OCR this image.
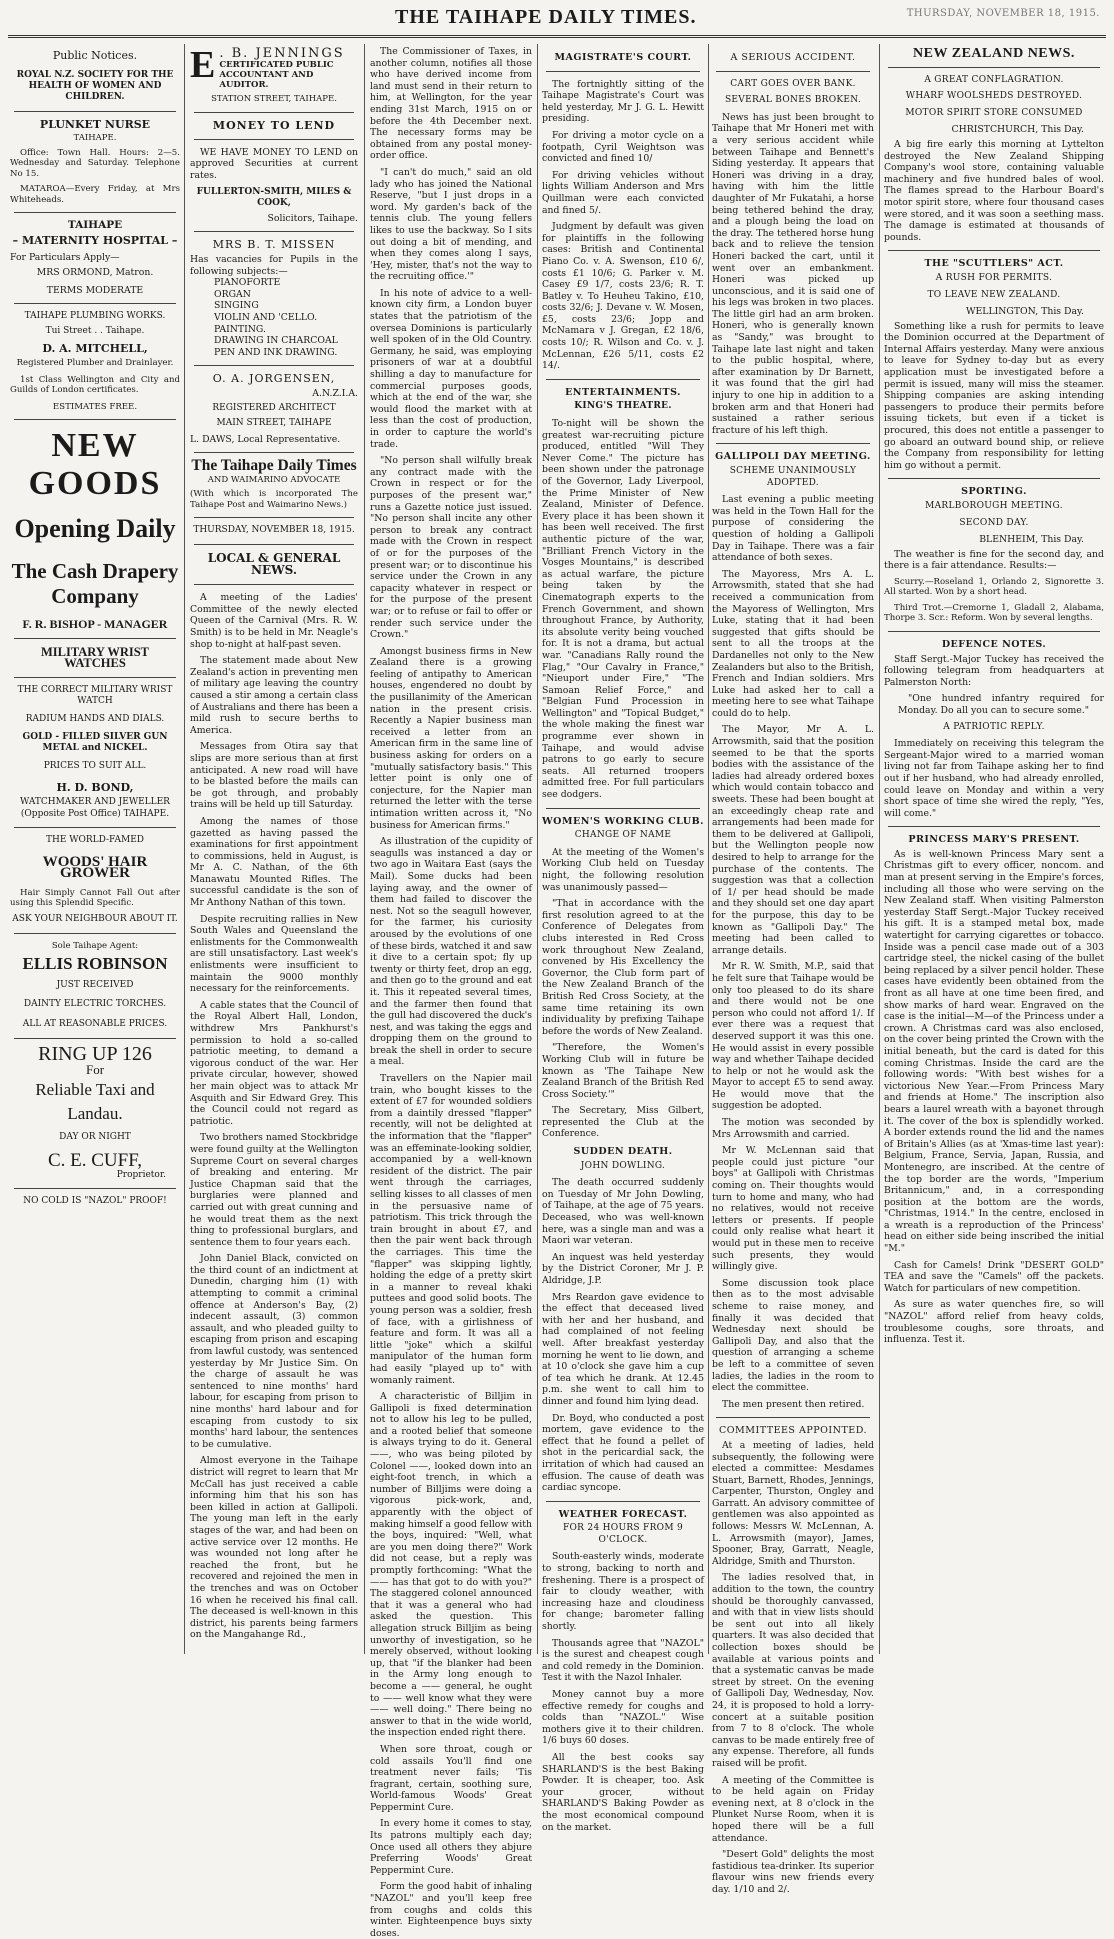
THE TAIHAPE DAILY TIMES.	THURSDAY, NOVEMBER 18, 1915.
Public Notices.
ROYAL N.Z. SOCIETY FOR THE HEALTH OF WOMEN AND CHILDREN.
PLUNKET NURSE
TAIHAPE.

Office: Town Hall. Hours: 2—5. Wednesday and Saturday. Telephone No 15.

MATAROA—Every Friday, at Mrs Whiteheads.

TAIHAPE
– MATERNITY HOSPITAL –

For Particulars Apply—

MRS ORMOND, Matron.
TERMS MODERATE
TAIHAPE PLUMBING WORKS.
Tui Street . . Taihape.
D. A. MITCHELL,
Registered Plumber and Drainlayer.

1st Class Wellington and City and Guilds of London certificates.

ESTIMATES FREE.
NEW
GOODS
Opening Daily
The Cash Drapery Company
F. R. BISHOP - MANAGER
MILITARY WRIST WATCHES
THE CORRECT MILITARY WRIST WATCH
RADIUM HANDS AND DIALS.
GOLD - FILLED SILVER GUN METAL and NICKEL.
PRICES TO SUIT ALL.
H. D. BOND,
WATCHMAKER AND JEWELLER (Opposite Post Office) TAIHAPE.
THE WORLD-FAMED
WOODS' HAIR GROWER

Hair Simply Cannot Fall Out after using this Splendid Specific.

ASK YOUR NEIGHBOUR ABOUT IT.
Sole Taihape Agent:
ELLIS ROBINSON
JUST RECEIVED
DAINTY ELECTRIC TORCHES.
ALL AT REASONABLE PRICES.
RING UP 126
For
Reliable Taxi and Landau.
DAY OR NIGHT
C. E. CUFF,
Proprietor.
NO COLD IS "NAZOL" PROOF!
E . B. JENNINGS
CERTIFICATED PUBLIC ACCOUNTANT AND AUDITOR.
STATION STREET, TAIHAPE.
MONEY TO LEND

WE HAVE MONEY TO LEND on approved Securities at current rates.

FULLERTON-SMITH, MILES & COOK,
Solicitors, Taihape.
MRS B. T. MISSEN

Has vacancies for Pupils in the following subjects:—

PIANOFORTE
ORGAN
SINGING
VIOLIN AND 'CELLO.
PAINTING.
DRAWING IN CHARCOAL
PEN AND INK DRAWING.
O. A. JORGENSEN,
A.N.Z.I.A.
REGISTERED ARCHITECT
MAIN STREET, TAIHAPE

L. DAWS, Local Representative.

The Taihape Daily Times
AND WAIMARINO ADVOCATE

(With which is incorporated The Taihape Post and Waimarino News.)

THURSDAY, NOVEMBER 18, 1915.
LOCAL & GENERAL NEWS.

A meeting of the Ladies' Committee of the newly elected Queen of the Carnival (Mrs. R. W. Smith) is to be held in Mr. Neagle's shop to-night at half-past seven.

The statement made about New Zealand's action in preventing men of military age leaving the country caused a stir among a certain class of Australians and there has been a mild rush to secure berths to America.

Messages from Otira say that slips are more serious than at first anticipated. A new road will have to be blasted before the mails can be got through, and probably trains will be held up till Saturday.

Among the names of those gazetted as having passed the examinations for first appointment to commissions, held in August, is Mr A. C. Nathan, of the 6th Manawatu Mounted Rifles. The successful candidate is the son of Mr Anthony Nathan of this town.

Despite recruiting rallies in New South Wales and Queensland the enlistments for the Commonwealth are still unsatisfactory. Last week's enlistments were insufficient to maintain the 9000 monthly necessary for the reinforcements.

A cable states that the Council of the Royal Albert Hall, London, withdrew Mrs Pankhurst's permission to hold a so-called patriotic meeting, to demand a vigorous conduct of the war. Her private circular, however, showed her main object was to attack Mr Asquith and Sir Edward Grey. This the Council could not regard as patriotic.

Two brothers named Stockbridge were found guilty at the Wellington Supreme Court on several charges of breaking and entering. Mr Justice Chapman said that the burglaries were planned and carried out with great cunning and he would treat them as the next thing to professional burglars, and sentence them to four years each.

John Daniel Black, convicted on the third count of an indictment at Dunedin, charging him (1) with attempting to commit a criminal offence at Anderson's Bay, (2) indecent assault, (3) common assault, and who pleaded guilty to escaping from prison and escaping from lawful custody, was sentenced yesterday by Mr Justice Sim. On the charge of assault he was sentenced to nine months' hard labour, for escaping from prison to nine months' hard labour and for escaping from custody to six months' hard labour, the sentences to be cumulative.

Almost everyone in the Taihape district will regret to learn that Mr McCall has just received a cable informing him that his son has been killed in action at Gallipoli. The young man left in the early stages of the war, and had been on active service over 12 months. He was wounded not long after he reached the front, but he recovered and rejoined the men in the trenches and was on October 16 when he received his final call. The deceased is well-known in this district, his parents being farmers on the Mangahange Rd.,

The Commissioner of Taxes, in another column, notifies all those who have derived income from land must send in their return to him, at Wellington, for the year ending 31st March, 1915 on or before the 4th December next. The necessary forms may be obtained from any postal money-order office.

"I can't do much," said an old lady who has joined the National Reserve, "but I just drops in a word. My garden's back of the tennis club. The young fellers likes to use the backway. So I sits out doing a bit of mending, and when they comes along I says, 'Hey, mister, that's not the way to the recruiting office.'"

In his note of advice to a well-known city firm, a London buyer states that the patriotism of the oversea Dominions is particularly well spoken of in the Old Country. Germany, he said, was employing prisoners of war at a doubtful shilling a day to manufacture for commercial purposes goods, which at the end of the war, she would flood the market with at less than the cost of production, in order to capture the world's trade.

"No person shall wilfully break any contract made with the Crown in respect or for the purposes of the present war," runs a Gazette notice just issued. "No person shall incite any other person to break any contract made with the Crown in respect of or for the purposes of the present war; or to discontinue his service under the Crown in any capacity whatever in respect or for the purpose of the present war; or to refuse or fail to offer or render such service under the Crown."

Amongst business firms in New Zealand there is a growing feeling of antipathy to American houses, engendered no doubt by the pusillanimity of the American nation in the present crisis. Recently a Napier business man received a letter from an American firm in the same line of business asking for orders on a "mutually satisfactory basis." This letter point is only one of conjecture, for the Napier man returned the letter with the terse intimation written across it, "No business for American firms."

As illustration of the cupidity of seagulls was instanced a day or two ago in Waitara East (says the Mail). Some ducks had been laying away, and the owner of them had failed to discover the nest. Not so the seagull however, for the farmer, his curiosity aroused by the evolutions of one of these birds, watched it and saw it dive to a certain spot; fly up twenty or thirty feet, drop an egg, and then go to the ground and eat it. This it repeated several times, and the farmer then found that the gull had discovered the duck's nest, and was taking the eggs and dropping them on the ground to break the shell in order to secure a meal.

Travellers on the Napier mail train, who bought kisses to the extent of £7 for wounded soldiers from a daintily dressed "flapper" recently, will not be delighted at the information that the "flapper" was an effeminate-looking soldier, accompanied by a well-known resident of the district. The pair went through the carriages, selling kisses to all classes of men in the persuasive name of patriotism. This trick through the train brought in about £7, and then the pair went back through the carriages. This time the "flapper" was skipping lightly, holding the edge of a pretty skirt in a manner to reveal khaki puttees and good solid boots. The young person was a soldier, fresh of face, with a girlishness of feature and form. It was all a little "joke" which a skilful manipulator of the human form had easily "played up to" with womanly raiment.

A characteristic of Billjim in Gallipoli is fixed determination not to allow his leg to be pulled, and a rooted belief that someone is always trying to do it. General ——, who was being piloted by Colonel ——, looked down into an eight-foot trench, in which a number of Billjims were doing a vigorous pick-work, and, apparently with the object of making himself a good fellow with the boys, inquired: "Well, what are you men doing there?" Work did not cease, but a reply was promptly forthcoming: "What the —— has that got to do with you?" The staggered colonel announced that it was a general who had asked the question. This allegation struck Billjim as being unworthy of investigation, so he merely observed, without looking up, that "if the blanker had been in the Army long enough to become a —— general, he ought to —— well know what they were —— well doing." There being no answer to that in the wide world, the inspection ended right there.

When sore throat, cough or cold assails You'll find one treatment never fails; 'Tis fragrant, certain, soothing sure, World-famous Woods' Great Peppermint Cure.

In every home it comes to stay, Its patrons multiply each day; Once used all others they abjure Preferring Woods' Great Peppermint Cure.

Form the good habit of inhaling "NAZOL" and you'll keep free from coughs and colds this winter. Eighteenpence buys sixty doses.

MAGISTRATE'S COURT.

The fortnightly sitting of the Taihape Magistrate's Court was held yesterday, Mr J. G. L. Hewitt presiding.

For driving a motor cycle on a footpath, Cyril Weightson was convicted and fined 10/

For driving vehicles without lights William Anderson and Mrs Quillman were each convicted and fined 5/.

Judgment by default was given for plaintiffs in the following cases: British and Continental Piano Co. v. A. Swenson, £10 6/, costs £1 10/6; G. Parker v. M. Casey £9 1/7, costs 23/6; R. T. Batley v. To Heuheu Takino, £10, costs 32/6; J. Devane v. W. Mosen, £5, costs 23/6; Jopp and McNamara v J. Gregan, £2 18/6, costs 10/; R. Wilson and Co. v. J. McLennan, £26 5/11, costs £2 14/.

ENTERTAINMENTS.
KING'S THEATRE.

To-night will be shown the greatest war-recruiting picture produced, entitled "Will They Never Come." The picture has been shown under the patronage of the Governor, Lady Liverpool, the Prime Minister of New Zealand, Minister of Defence. Every place it has been shown it has been well received. The first authentic picture of the war, "Brilliant French Victory in the Vosges Mountains," is described as actual warfare, the picture being taken by the Cinematograph experts to the French Government, and shown throughout France, by Authority, its absolute verity being vouched for. It is not a drama, but actual war. "Canadians Rally round the Flag," "Our Cavalry in France," "Nieuport under Fire," "The Samoan Relief Force," and "Belgian Fund Procession in Wellington" and "Topical Budget," the whole making the finest war programme ever shown in Taihape, and would advise patrons to go early to secure seats. All returned troopers admitted free. For full particulars see dodgers.

WOMEN'S WORKING CLUB.
CHANGE OF NAME

At the meeting of the Women's Working Club held on Tuesday night, the following resolution was unanimously passed—

"That in accordance with the first resolution agreed to at the Conference of Delegates from clubs interested in Red Cross work throughout New Zealand, convened by His Excellency the Governor, the Club form part of the New Zealand Branch of the British Red Cross Society, at the same time retaining its own individuality by prefixing Taihape before the words of New Zealand.

"Therefore, the Women's Working Club will in future be known as 'The Taihape New Zealand Branch of the British Red Cross Society.'"

The Secretary, Miss Gilbert, represented the Club at the Conference.

SUDDEN DEATH.
JOHN DOWLING.

The death occurred suddenly on Tuesday of Mr John Dowling, of Taihape, at the age of 75 years. Deceased, who was well-known here, was a single man and was a Maori war veteran.

An inquest was held yesterday by the District Coroner, Mr J. P. Aldridge, J.P.

Mrs Reardon gave evidence to the effect that deceased lived with her and her husband, and had complained of not feeling well. After breakfast yesterday morning he went to lie down, and at 10 o'clock she gave him a cup of tea which he drank. At 12.45 p.m. she went to call him to dinner and found him lying dead.

Dr. Boyd, who conducted a post mortem, gave evidence to the effect that he found a pellet of shot in the pericardial sack, the irritation of which had caused an effusion. The cause of death was cardiac syncope.

WEATHER FORECAST.
FOR 24 HOURS FROM 9 O'CLOCK.

South-easterly winds, moderate to strong, backing to north and freshening. There is a prospect of fair to cloudy weather, with increasing haze and cloudiness for change; barometer falling shortly.

Thousands agree that "NAZOL" is the surest and cheapest cough and cold remedy in the Dominion. Test it with the Nazol Inhaler.

Money cannot buy a more effective remedy for coughs and colds than "NAZOL." Wise mothers give it to their children. 1/6 buys 60 doses.

All the best cooks say SHARLAND'S is the best Baking Powder. It is cheaper, too. Ask your grocer, without SHARLAND'S Baking Powder as the most economical compound on the market.

A SERIOUS ACCIDENT.
CART GOES OVER BANK.
SEVERAL BONES BROKEN.

News has just been brought to Taihape that Mr Honeri met with a very serious accident while between Taihape and Bennett's Siding yesterday. It appears that Honeri was driving in a dray, having with him the little daughter of Mr Fukatahi, a horse being tethered behind the dray, and a plough being the load on the dray. The tethered horse hung back and to relieve the tension Honeri backed the cart, until it went over an embankment. Honeri was picked up unconscious, and it is said one of his legs was broken in two places. The little girl had an arm broken. Honeri, who is generally known as "Sandy," was brought to Taihape late last night and taken to the public hospital, where, after examination by Dr Barnett, it was found that the girl had injury to one hip in addition to a broken arm and that Honeri had sustained a rather serious fracture of his left thigh.

GALLIPOLI DAY MEETING.
SCHEME UNANIMOUSLY ADOPTED.

Last evening a public meeting was held in the Town Hall for the purpose of considering the question of holding a Gallipoli Day in Taihape. There was a fair attendance of both sexes.

The Mayoress, Mrs A. L. Arrowsmith, stated that she had received a communication from the Mayoress of Wellington, Mrs Luke, stating that it had been suggested that gifts should be sent to all the troops at the Dardanelles not only to the New Zealanders but also to the British, French and Indian soldiers. Mrs Luke had asked her to call a meeting here to see what Taihape could do to help.

The Mayor, Mr A. L. Arrowsmith, said that the position seemed to be that the sports bodies with the assistance of the ladies had already ordered boxes which would contain tobacco and sweets. These had been bought at an exceedingly cheap rate and arrangements had been made for them to be delivered at Gallipoli, but the Wellington people now desired to help to arrange for the purchase of the contents. The suggestion was that a collection of 1/ per head should be made and they should set one day apart for the purpose, this day to be known as "Gallipoli Day." The meeting had been called to arrange details.

Mr R. W. Smith, M.P., said that he felt sure that Taihape would be only too pleased to do its share and there would not be one person who could not afford 1/. If ever there was a request that deserved support it was this one. He would assist in every possible way and whether Taihape decided to help or not he would ask the Mayor to accept £5 to send away. He would move that the suggestion be adopted.

The motion was seconded by Mrs Arrowsmith and carried.

Mr W. McLennan said that people could just picture "our boys" at Gallipoli with Christmas coming on. Their thoughts would turn to home and many, who had no relatives, would not receive letters or presents. If people could only realise what heart it would put in these men to receive such presents, they would willingly give.

Some discussion took place then as to the most advisable scheme to raise money, and finally it was decided that Wednesday next should be Gallipoli Day, and also that the question of arranging a scheme be left to a committee of seven ladies, the ladies in the room to elect the committee.

The men present then retired.

COMMITTEES APPOINTED.

At a meeting of ladies, held subsequently, the following were elected a committee: Mesdames Stuart, Barnett, Rhodes, Jennings, Carpenter, Thurston, Ongley and Garratt. An advisory committee of gentlemen was also appointed as follows: Messrs W. McLennan, A. L. Arrowsmith (mayor), James, Spooner, Bray, Garratt, Neagle, Aldridge, Smith and Thurston.

The ladies resolved that, in addition to the town, the country should be thoroughly canvassed, and with that in view lists should be sent out into all likely quarters. It was also decided that collection boxes should be available at various points and that a systematic canvas be made street by street. On the evening of Gallipoli Day, Wednesday, Nov. 24, it is proposed to hold a lorry-concert at a suitable position from 7 to 8 o'clock. The whole canvas to be made entirely free of any expense. Therefore, all funds raised will be profit.

A meeting of the Committee is to be held again on Friday evening next, at 8 o'clock in the Plunket Nurse Room, when it is hoped there will be a full attendance.

"Desert Gold" delights the most fastidious tea-drinker. Its superior flavour wins new friends every day. 1/10 and 2/.

NEW ZEALAND NEWS.
A GREAT CONFLAGRATION.
WHARF WOOLSHEDS DESTROYED.
MOTOR SPIRIT STORE CONSUMED
CHRISTCHURCH, This Day.

A big fire early this morning at Lyttelton destroyed the New Zealand Shipping Company's wool store, containing valuable machinery and five hundred bales of wool. The flames spread to the Harbour Board's motor spirit store, where four thousand cases were stored, and it was soon a seething mass. The damage is estimated at thousands of pounds.

THE "SCUTTLERS" ACT.
A RUSH FOR PERMITS.
TO LEAVE NEW ZEALAND.
WELLINGTON, This Day.

Something like a rush for permits to leave the Dominion occurred at the Department of Internal Affairs yesterday. Many were anxious to leave for Sydney to-day but as every application must be investigated before a permit is issued, many will miss the steamer. Shipping companies are asking intending passengers to produce their permits before issuing tickets, but even if a ticket is procured, this does not entitle a passenger to go aboard an outward bound ship, or relieve the Company from responsibility for letting him go without a permit.

SPORTING.
MARLBOROUGH MEETING.
SECOND DAY.
BLENHEIM, This Day.

The weather is fine for the second day, and there is a fair attendance. Results:—

Scurry.—Roseland 1, Orlando 2, Signorette 3. All started. Won by a short head.

Third Trot.—Cremorne 1, Gladall 2, Alabama, Thorpe 3. Scr.: Reform. Won by several lengths.

DEFENCE NOTES.

Staff Sergt.-Major Tuckey has received the following telegram from headquarters at Palmerston North:

"One hundred infantry required for Monday. Do all you can to secure some."

A PATRIOTIC REPLY.

Immediately on receiving this telegram the Sergeant-Major wired to a married woman living not far from Taihape asking her to find out if her husband, who had already enrolled, could leave on Monday and within a very short space of time she wired the reply, "Yes, will come."

PRINCESS MARY'S PRESENT.

As is well-known Princess Mary sent a Christmas gift to every officer, noncom. and man at present serving in the Empire's forces, including all those who were serving on the New Zealand staff. When visiting Palmerston yesterday Staff Sergt.-Major Tuckey received his gift. It is a stamped metal box, made watertight for carrying cigarettes or tobacco. Inside was a pencil case made out of a 303 cartridge steel, the nickel casing of the bullet being replaced by a silver pencil holder. These cases have evidently been obtained from the front as all have at one time been fired, and show marks of hard wear. Engraved on the case is the initial—M—of the Princess under a crown. A Christmas card was also enclosed, on the cover being printed the Crown with the initial beneath, but the card is dated for this coming Christmas. Inside the card are the following words: "With best wishes for a victorious New Year.—From Princess Mary and friends at Home." The inscription also bears a laurel wreath with a bayonet through it. The cover of the box is splendidly worked. A border extends round the lid and the names of Britain's Allies (as at 'Xmas-time last year): Belgium, France, Servia, Japan, Russia, and Montenegro, are inscribed. At the centre of the top border are the words, "Imperium Britannicum," and, in a corresponding position at the bottom are the words, "Christmas, 1914." In the centre, enclosed in a wreath is a reproduction of the Princess' head on either side being inscribed the initial "M."

Cash for Camels! Drink "DESERT GOLD" TEA and save the "Camels" off the packets. Watch for particulars of new competition.

As sure as water quenches fire, so will "NAZOL" afford relief from heavy colds, troublesome coughs, sore throats, and influenza. Test it.
